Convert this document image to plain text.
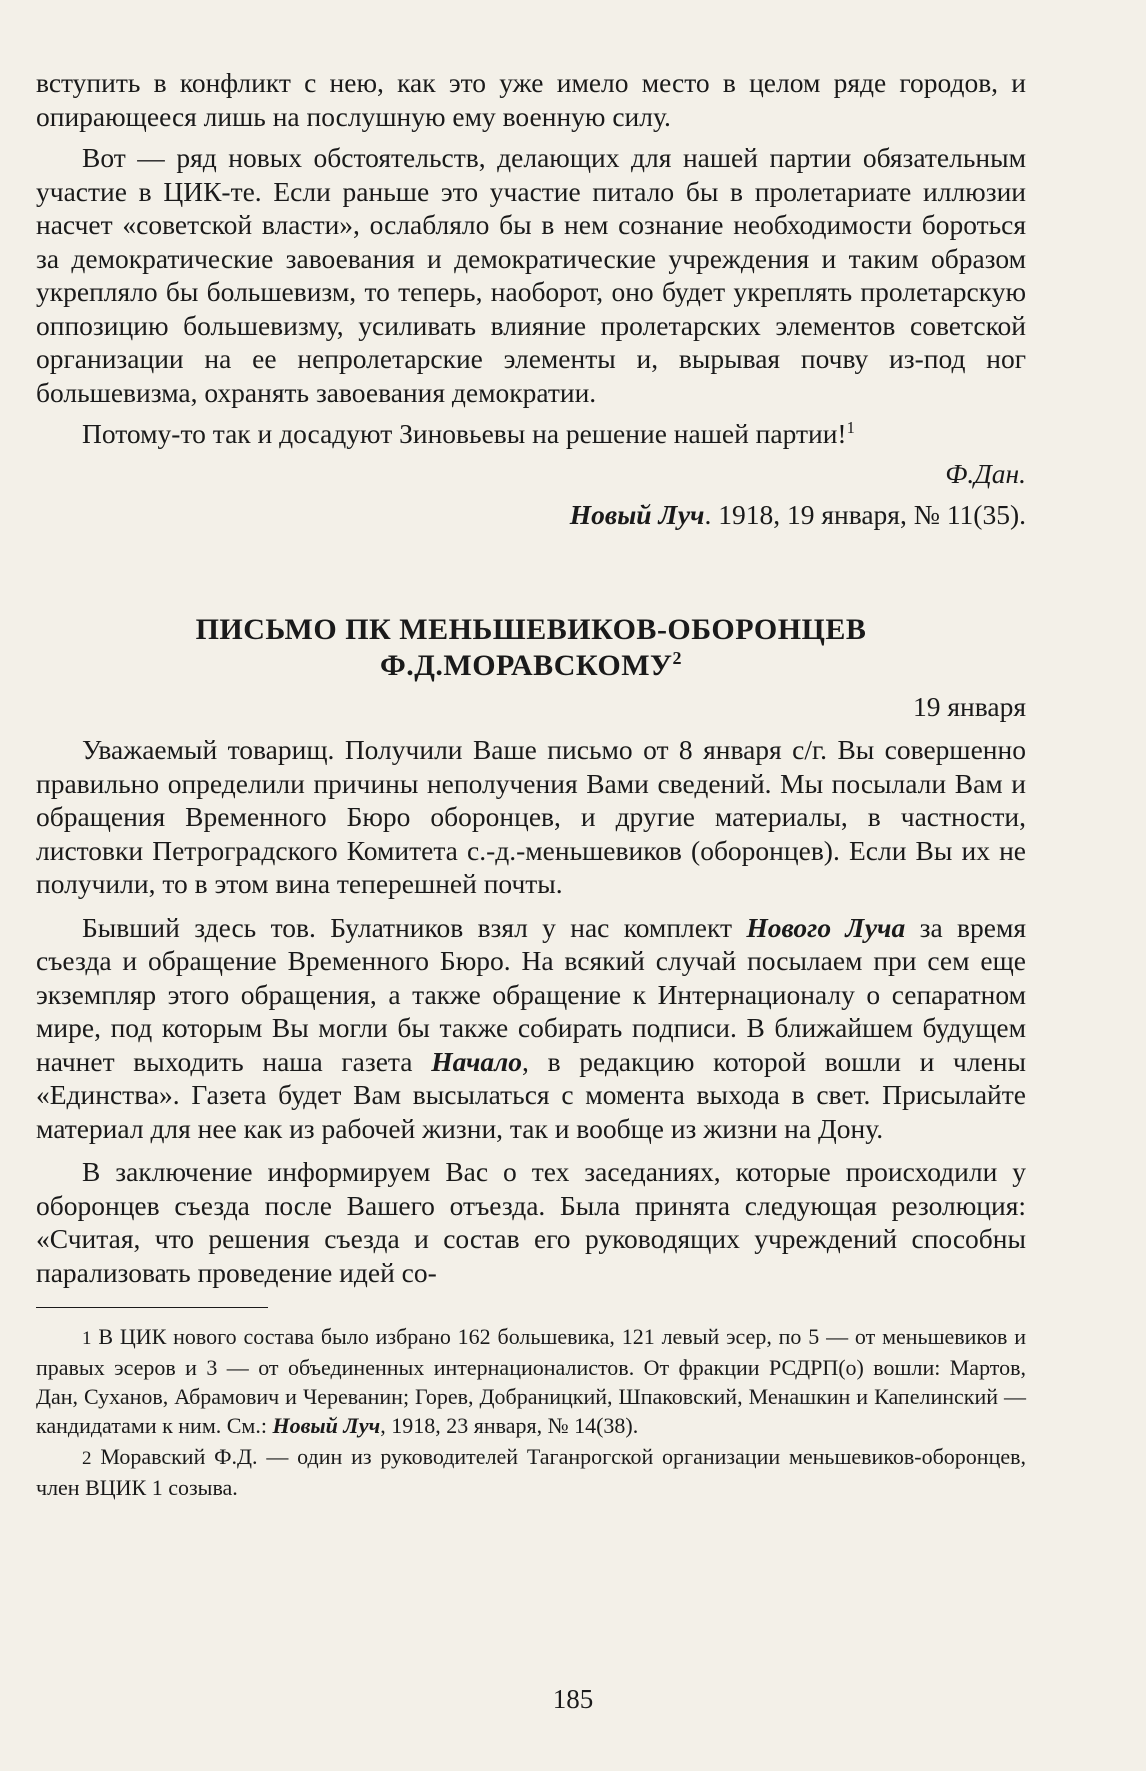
вступить в конфликт с нею, как это уже имело место в целом ряде городов, и опирающееся лишь на послушную ему военную силу.

Вот — ряд новых обстоятельств, делающих для нашей партии обязательным участие в ЦИК-те. Если раньше это участие питало бы в пролетариате иллюзии насчет «советской власти», ослабляло бы в нем сознание необходимости бороться за демократические завоевания и демократические учреждения и таким образом укрепляло бы большевизм, то теперь, наоборот, оно будет укреплять пролетарскую оппозицию большевизму, усиливать влияние пролетарских элементов советской организации на ее непролетарские элементы и, вырывая почву из-под ног большевизма, охранять завоевания демократии.

Потому-то так и досадуют Зиновьевы на решение нашей партии!$^1$

Ф.Дан.

Новый Луч. 1918, 19 января, № 11(35).

ПИСЬМО ПК МЕНЬШЕВИКОВ-ОБОРОНЦЕВ
Ф.Д.МОРАВСКОМУ$^2$

19 января

Уважаемый товарищ. Получили Ваше письмо от 8 января с/г. Вы совершенно правильно определили причины неполучения Вами сведений. Мы посылали Вам и обращения Временного Бюро оборонцев, и другие материалы, в частности, листовки Петроградского Комитета с.-д.-меньшевиков (оборонцев). Если Вы их не получили, то в этом вина теперешней почты.

Бывший здесь тов. Булатников взял у нас комплект Нового Луча за время съезда и обращение Временного Бюро. На всякий случай посылаем при сем еще экземпляр этого обращения, а также обращение к Интернационалу о сепаратном мире, под которым Вы могли бы также собирать подписи. В ближайшем будущем начнет выходить наша газета Начало, в редакцию которой вошли и члены «Единства». Газета будет Вам высылаться с момента выхода в свет. Присылайте материал для нее как из рабочей жизни, так и вообще из жизни на Дону.

В заключение информируем Вас о тех заседаниях, которые происходили у оборонцев съезда после Вашего отъезда. Была принята следующая резолюция: «Считая, что решения съезда и состав его руководящих учреждений способны парализовать проведение идей со-

1 В ЦИК нового состава было избрано 162 большевика, 121 левый эсер, по 5 — от меньшевиков и правых эсеров и 3 — от объединенных интернационалистов. От фракции РСДРП(о) вошли: Мартов, Дан, Суханов, Абрамович и Череванин; Горев, Добраницкий, Шпаковский, Менашкин и Капелинский — кандидатами к ним. См.: Новый Луч, 1918, 23 января, № 14(38).

2 Моравский Ф.Д. — один из руководителей Таганрогской организации меньшевиков-оборонцев, член ВЦИК 1 созыва.

185
